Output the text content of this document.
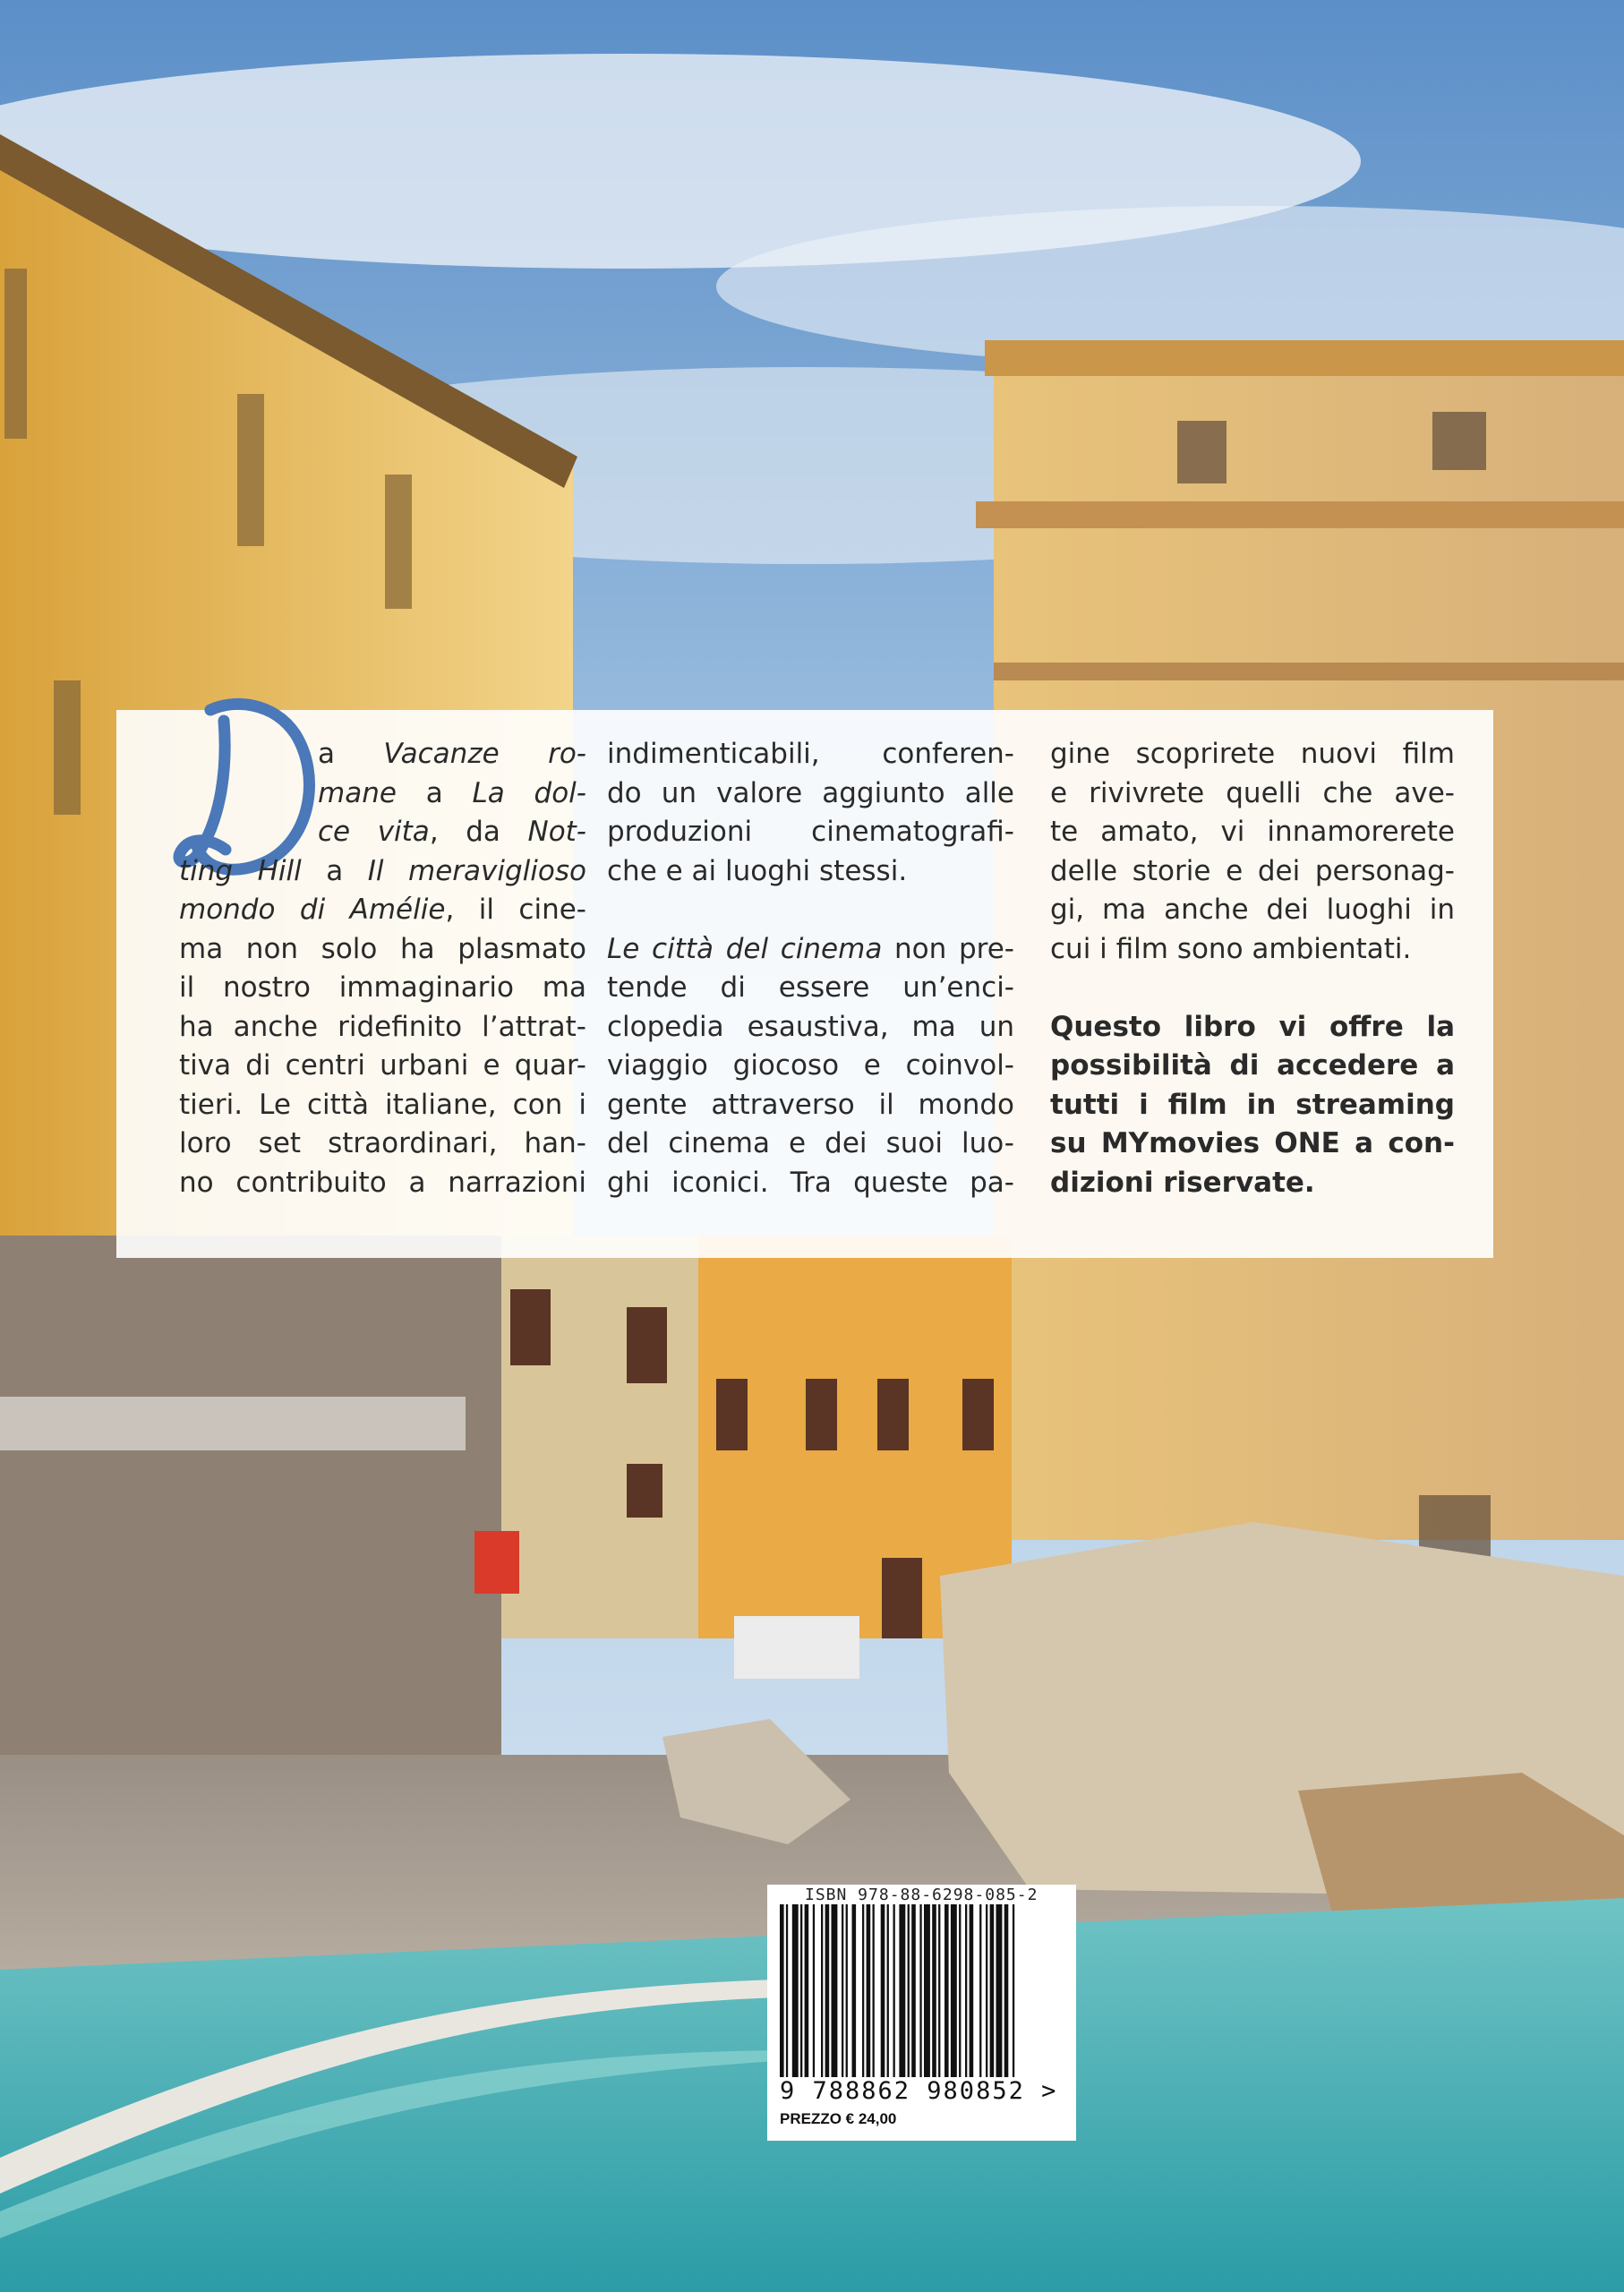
a Vacanze ro-

mane a La dol-

ce vita, da Not-

ting Hill a Il meraviglioso

mondo di Amélie, il cine-

ma non solo ha plasmato

il nostro immaginario ma

ha anche ridefinito l’attrat-

tiva di centri urbani e quar-

tieri. Le città italiane, con i

loro set straordinari, han-

no contribuito a narrazioni

indimenticabili, conferen-

do un valore aggiunto alle

produzioni cinematografi-

che e ai luoghi stessi.

Le città del cinema non pre-

tende di essere un’enci-

clopedia esaustiva, ma un

viaggio giocoso e coinvol-

gente attraverso il mondo

del cinema e dei suoi luo-

ghi iconici. Tra queste pa-

gine scoprirete nuovi film

e rivivrete quelli che ave-

te amato, vi innamorerete

delle storie e dei personag-

gi, ma anche dei luoghi in

cui i film sono ambientati.

Questo libro vi offre la

possibilità di accedere a

tutti i film in streaming

su MYmovies ONE a con-

dizioni riservate.

ISBN 978-88-6298-085-2
9 788862 980852 >
PREZZO € 24,00
